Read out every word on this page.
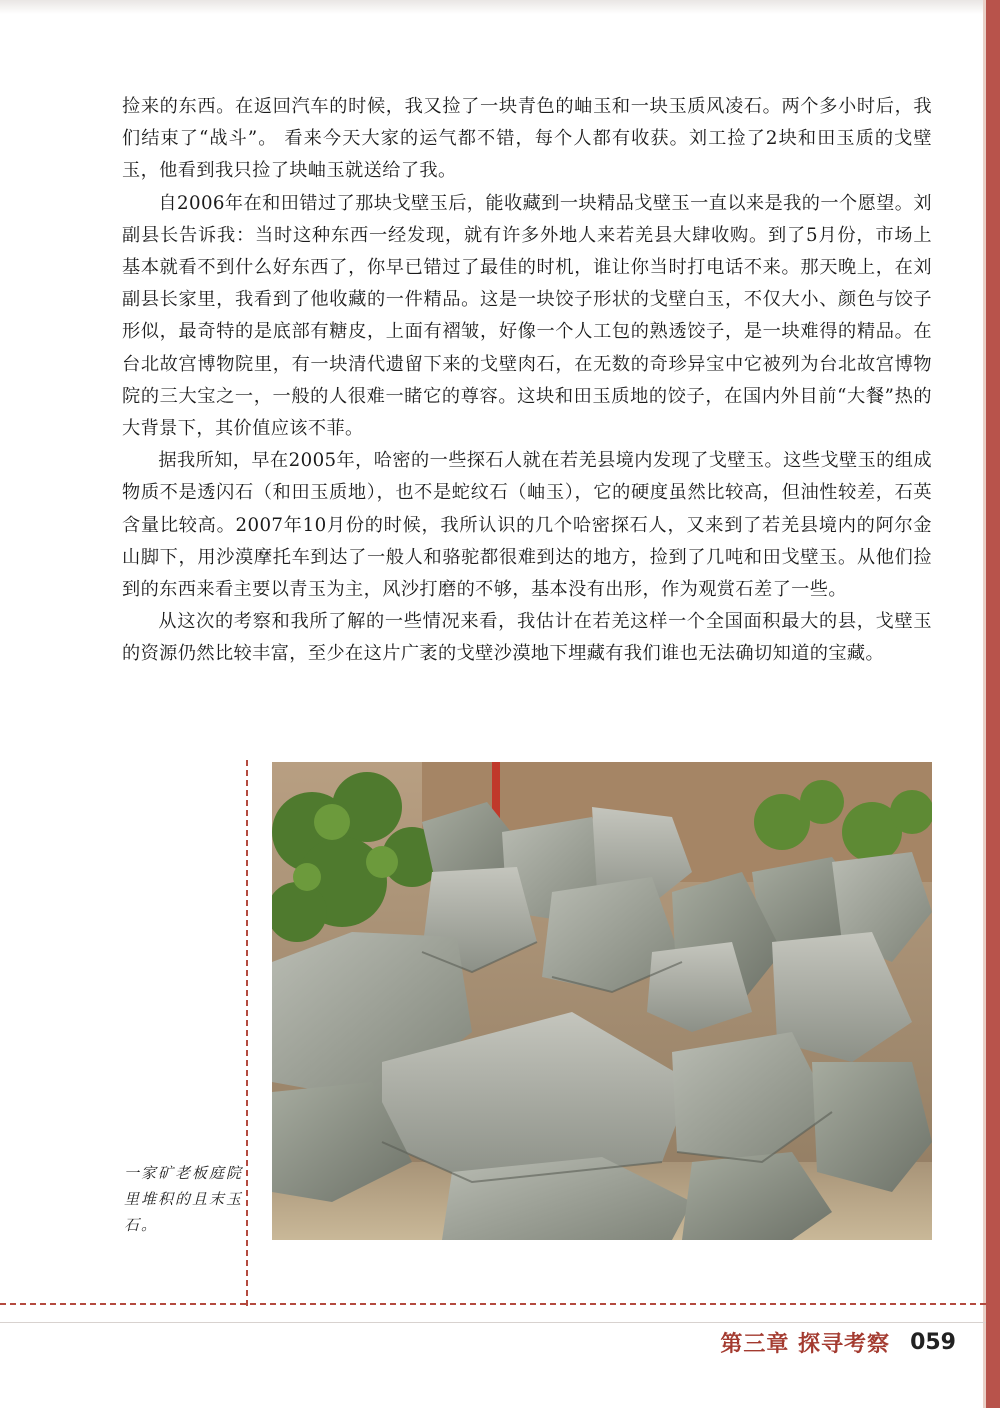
捡来的东西。在返回汽车的时候，我又捡了一块青色的岫玉和一块玉质风凌石。两个多小时后，我们结束了“战斗”。 看来今天大家的运气都不错，每个人都有收获。刘工捡了2块和田玉质的戈壁玉，他看到我只捡了块岫玉就送给了我。

自2006年在和田错过了那块戈壁玉后，能收藏到一块精品戈壁玉一直以来是我的一个愿望。刘副县长告诉我：当时这种东西一经发现，就有许多外地人来若羌县大肆收购。到了5月份，市场上基本就看不到什么好东西了，你早已错过了最佳的时机，谁让你当时打电话不来。那天晚上，在刘副县长家里，我看到了他收藏的一件精品。这是一块饺子形状的戈壁白玉，不仅大小、颜色与饺子形似，最奇特的是底部有糖皮，上面有褶皱，好像一个人工包的熟透饺子，是一块难得的精品。在台北故宫博物院里，有一块清代遗留下来的戈壁肉石，在无数的奇珍异宝中它被列为台北故宫博物院的三大宝之一，一般的人很难一睹它的尊容。这块和田玉质地的饺子，在国内外目前“大餐”热的大背景下，其价值应该不菲。

据我所知，早在2005年，哈密的一些探石人就在若羌县境内发现了戈壁玉。这些戈壁玉的组成物质不是透闪石（和田玉质地），也不是蛇纹石（岫玉），它的硬度虽然比较高，但油性较差，石英含量比较高。2007年10月份的时候，我所认识的几个哈密探石人，又来到了若羌县境内的阿尔金山脚下，用沙漠摩托车到达了一般人和骆驼都很难到达的地方，捡到了几吨和田戈壁玉。从他们捡到的东西来看主要以青玉为主，风沙打磨的不够，基本没有出形，作为观赏石差了一些。

从这次的考察和我所了解的一些情况来看，我估计在若羌这样一个全国面积最大的县，戈壁玉的资源仍然比较丰富，至少在这片广袤的戈壁沙漠地下埋藏有我们谁也无法确切知道的宝藏。

一家矿老板庭院里堆积的且末玉石。

第三章 探寻考察 059
